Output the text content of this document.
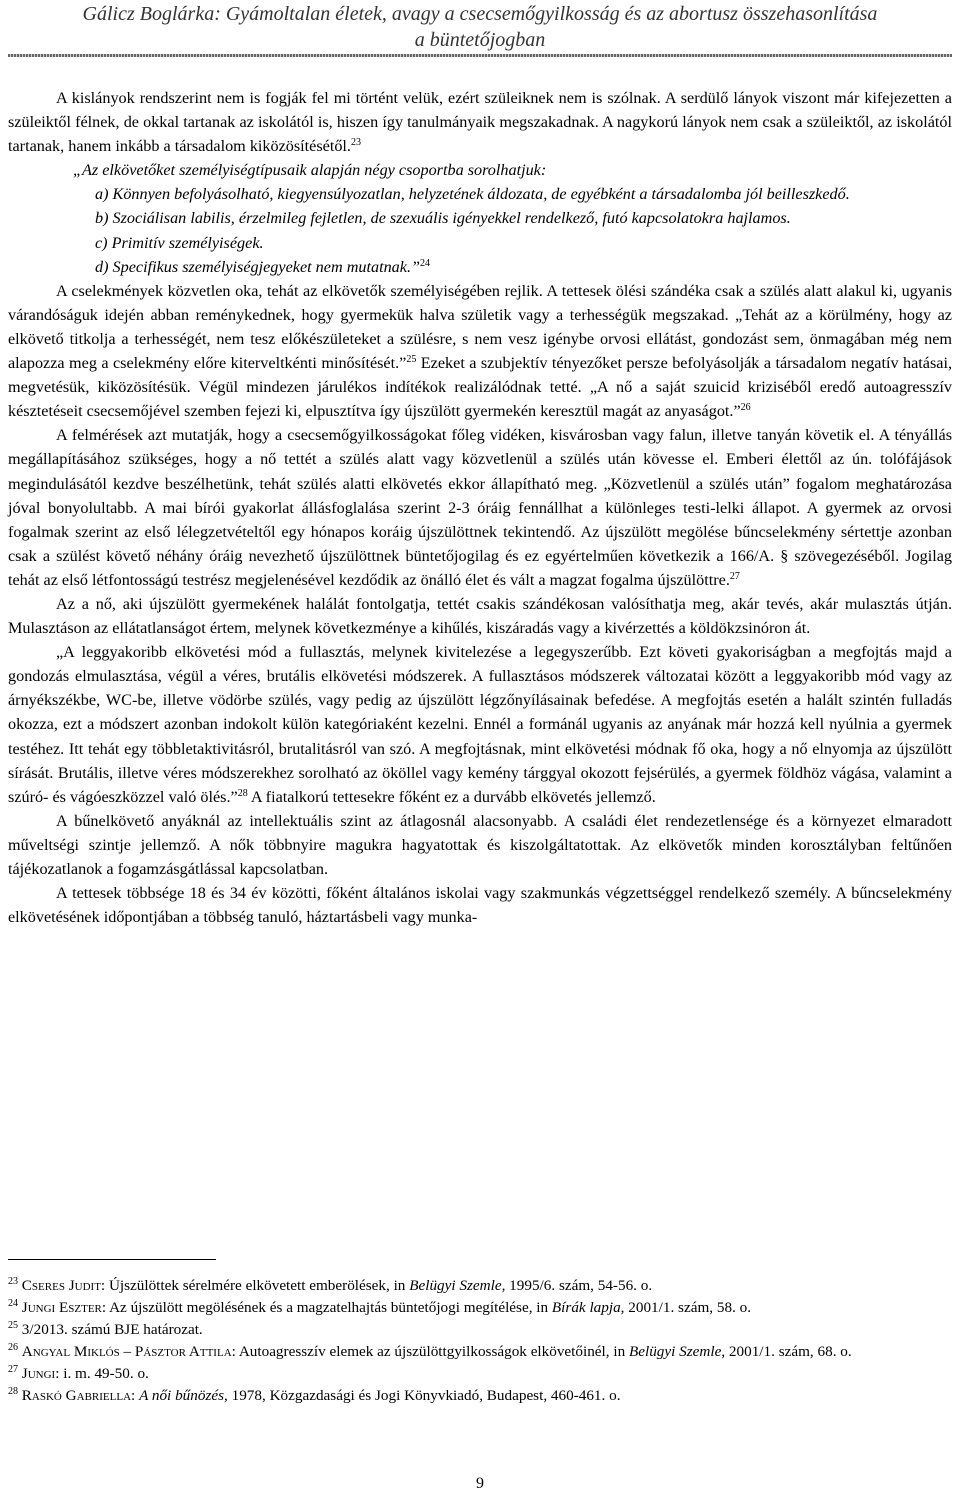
Gálicz Boglárka: Gyámoltalan életek, avagy a csecsemőgyilkosság és az abortusz összehasonlítása
a büntetőjogban

A kislányok rendszerint nem is fogják fel mi történt velük, ezért szüleiknek nem is szólnak. A serdülő lányok viszont már kifejezetten a szüleiktől félnek, de okkal tartanak az iskolától is, hiszen így tanulmányaik megszakadnak. A nagykorú lányok nem csak a szüleiktől, az iskolától tartanak, hanem inkább a társadalom kiközösítésétől.$^{23}$

„Az elkövetőket személyiségtípusaik alapján négy csoportba sorolhatjuk:

a) Könnyen befolyásolható, kiegyensúlyozatlan, helyzetének áldozata, de egyébként a társadalomba jól beilleszkedő.

b) Szociálisan labilis, érzelmileg fejletlen, de szexuális igényekkel rendelkező, futó kapcsolatokra hajlamos.

c) Primitív személyiségek.

d) Specifikus személyiségjegyeket nem mutatnak.”$^{24}$

A cselekmények közvetlen oka, tehát az elkövetők személyiségében rejlik. A tettesek ölési szándéka csak a szülés alatt alakul ki, ugyanis várandóságuk idején abban reménykednek, hogy gyermekük halva születik vagy a terhességük megszakad. „Tehát az a körülmény, hogy az elkövető titkolja a terhességét, nem tesz előkészületeket a szülésre, s nem vesz igénybe orvosi ellátást, gondozást sem, önmagában még nem alapozza meg a cselekmény előre kiterveltkénti minősítését.”$^{25}$ Ezeket a szubjektív tényezőket persze befolyásolják a társadalom negatív hatásai, megvetésük, kiközösítésük. Végül mindezen járulékos indítékok realizálódnak tetté. „A nő a saját szuicid kriziséből eredő autoagresszív késztetéseit csecsemőjével szemben fejezi ki, elpusztítva így újszülött gyermekén keresztül magát az anyaságot.”$^{26}$

A felmérések azt mutatják, hogy a csecsemőgyilkosságokat főleg vidéken, kisvárosban vagy falun, illetve tanyán követik el. A tényállás megállapításához szükséges, hogy a nő tettét a szülés alatt vagy közvetlenül a szülés után kövesse el. Emberi élettől az ún. tolófájások megindulásától kezdve beszélhetünk, tehát szülés alatti elkövetés ekkor állapítható meg. „Közvetlenül a szülés után” fogalom meghatározása jóval bonyolultabb. A mai bírói gyakorlat állásfoglalása szerint 2-3 óráig fennállhat a különleges testi-lelki állapot. A gyermek az orvosi fogalmak szerint az első lélegzetvételtől egy hónapos koráig újszülöttnek tekintendő. Az újszülött megölése bűncselekmény sértettje azonban csak a szülést követő néhány óráig nevezhető újszülöttnek büntetőjogilag és ez egyértelműen következik a 166/A. § szövegezéséből. Jogilag tehát az első létfontosságú testrész megjelenésével kezdődik az önálló élet és vált a magzat fogalma újszülöttre.$^{27}$

Az a nő, aki újszülött gyermekének halálát fontolgatja, tettét csakis szándékosan valósíthatja meg, akár tevés, akár mulasztás útján. Mulasztáson az ellátatlanságot értem, melynek következménye a kihűlés, kiszáradás vagy a kivérzettés a köldökzsinóron át.

„A leggyakoribb elkövetési mód a fullasztás, melynek kivitelezése a legegyszerűbb. Ezt követi gyakoriságban a megfojtás majd a gondozás elmulasztása, végül a véres, brutális elkövetési módszerek. A fullasztásos módszerek változatai között a leggyakoribb mód vagy az árnyékszékbe, WC-be, illetve vödörbe szülés, vagy pedig az újszülött légzőnyílásainak befedése. A megfojtás esetén a halált szintén fulladás okozza, ezt a módszert azonban indokolt külön kategóriaként kezelni. Ennél a formánál ugyanis az anyának már hozzá kell nyúlnia a gyermek testéhez. Itt tehát egy többletaktivitásról, brutalitásról van szó. A megfojtásnak, mint elkövetési módnak fő oka, hogy a nő elnyomja az újszülött sírását. Brutális, illetve véres módszerekhez sorolható az ököllel vagy kemény tárggyal okozott fejsérülés, a gyermek földhöz vágása, valamint a szúró- és vágóeszközzel való ölés.”$^{28}$ A fiatalkorú tettesekre főként ez a durvább elkövetés jellemző.

A bűnelkövető anyáknál az intellektuális szint az átlagosnál alacsonyabb. A családi élet rendezetlensége és a környezet elmaradott műveltségi szintje jellemző. A nők többnyire magukra hagyatottak és kiszolgáltatottak. Az elkövetők minden korosztályban feltűnően tájékozatlanok a fogamzásgátlással kapcsolatban.

A tettesek többsége 18 és 34 év közötti, főként általános iskolai vagy szakmunkás végzettséggel rendelkező személy. A bűncselekmény elkövetésének időpontjában a többség tanuló, háztartásbeli vagy munka-

$^{23}$ Cseres Judit: Újszülöttek sérelmére elkövetett emberölések, in Belügyi Szemle, 1995/6. szám, 54-56. o.

$^{24}$ Jungi Eszter: Az újszülött megölésének és a magzatelhajtás büntetőjogi megítélése, in Bírák lapja, 2001/1. szám, 58. o.

$^{25}$ 3/2013. számú BJE határozat.

$^{26}$ Angyal Miklós – Pásztor Attila: Autoagresszív elemek az újszülöttgyilkosságok elkövetőinél, in Belügyi Szemle, 2001/1. szám, 68. o.

$^{27}$ Jungi: i. m. 49-50. o.

$^{28}$ Raskó Gabriella: A női bűnözés, 1978, Közgazdasági és Jogi Könyvkiadó, Budapest, 460-461. o.

9
